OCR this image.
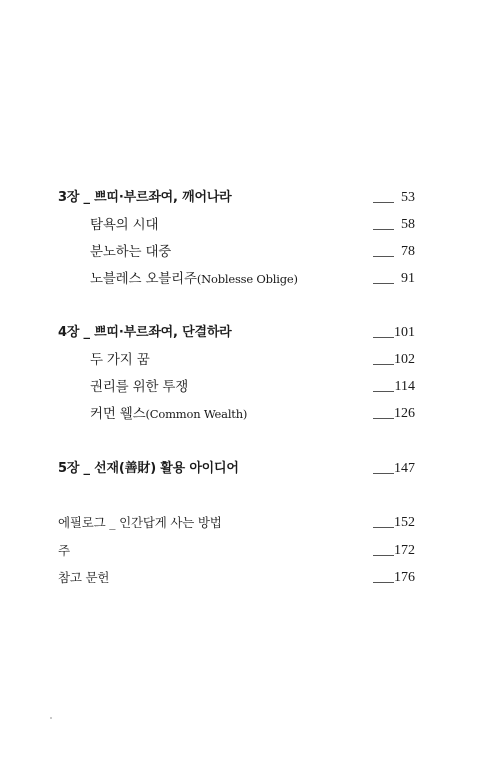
3장 _ 쁘띠·부르좌여, 깨어나라	53
탐욕의 시대	58
분노하는 대중	78
노블레스 오블리주(Noblesse Oblige)	91
4장 _ 쁘띠·부르좌여, 단결하라	101
두 가지 꿈	102
권리를 위한 투쟁	114
커먼 웰스(Common Wealth)	126
5장 _ 선재(善財) 활용 아이디어	147
에필로그 _ 인간답게 사는 방법	152
주	172
참고 문헌	176
